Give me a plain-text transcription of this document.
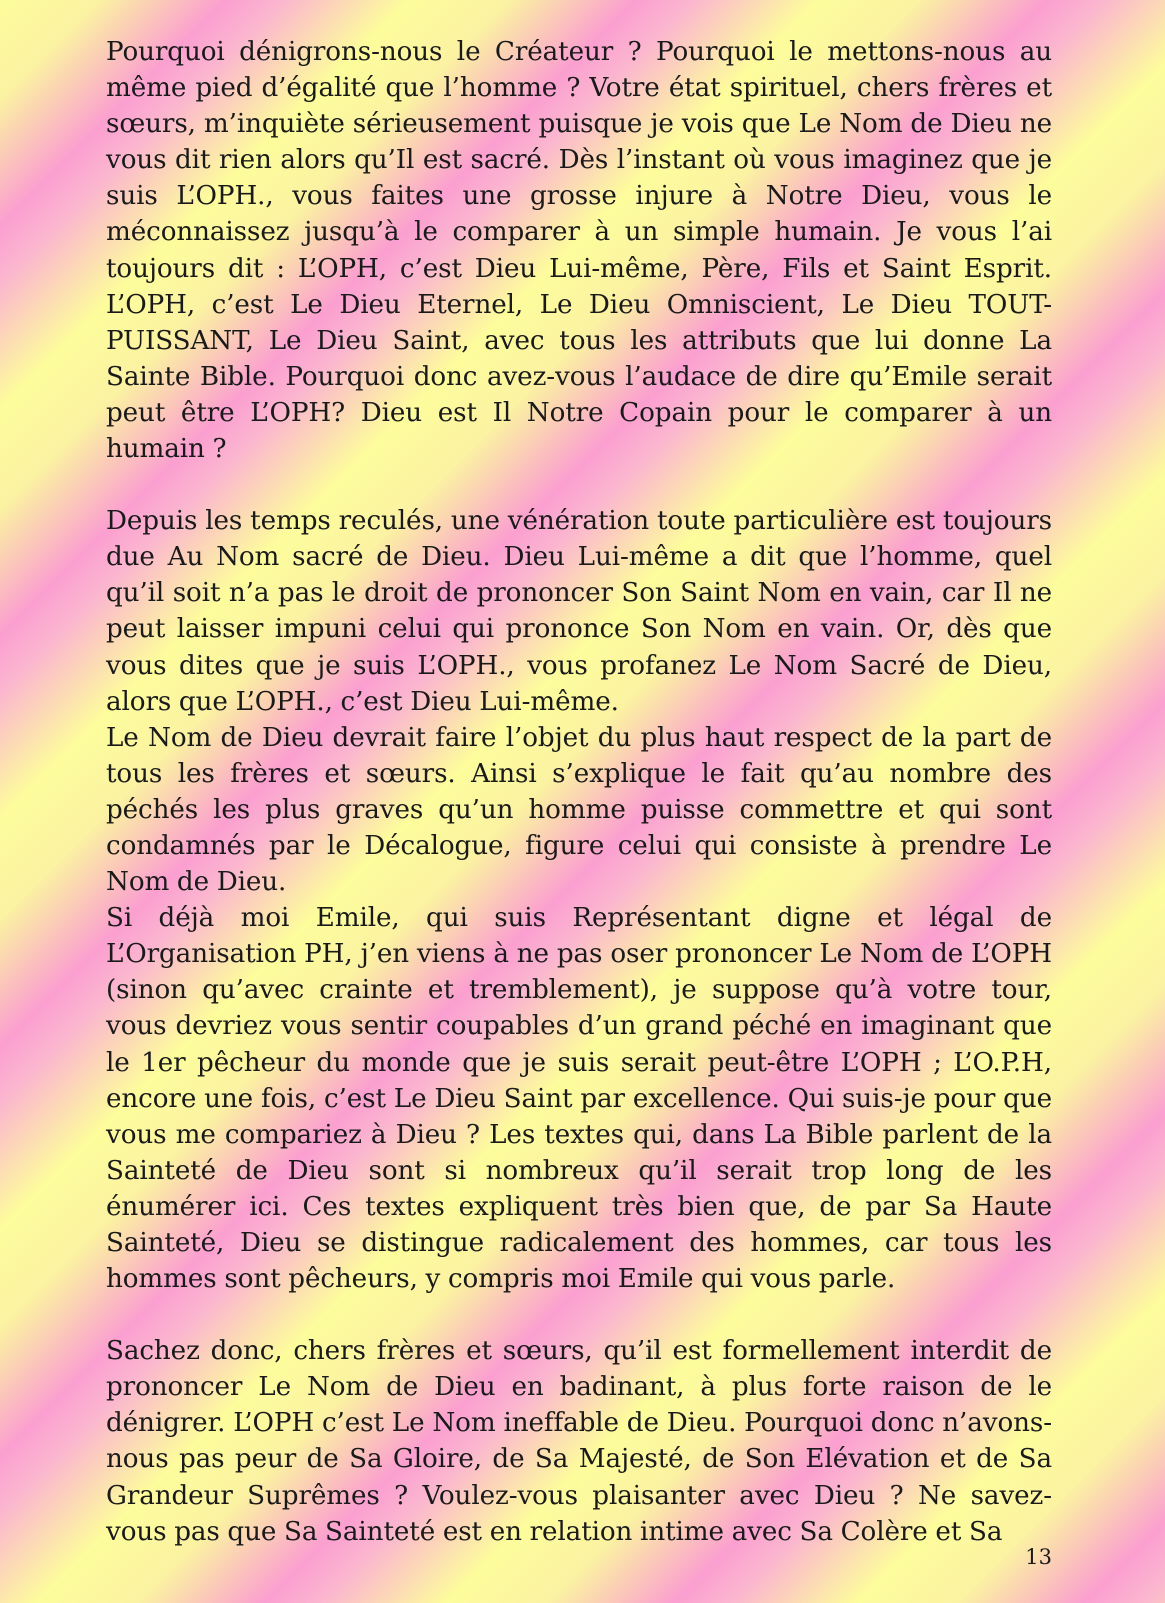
Pourquoi dénigrons-nous le Créateur ? Pourquoi le mettons-nous au même pied d’égalité que l’homme ? Votre état spirituel, chers frères et sœurs, m’inquiète sérieusement puisque je vois que Le Nom de Dieu ne vous dit rien alors qu’Il est sacré. Dès l’instant où vous imaginez que je suis L’OPH., vous faites une grosse injure à Notre Dieu, vous le méconnaissez jusqu’à le comparer à un simple humain. Je vous l’ai toujours dit : L’OPH, c’est Dieu Lui-même, Père, Fils et Saint Esprit. L’OPH, c’est Le Dieu Eternel, Le Dieu Omniscient, Le Dieu TOUT-PUISSANT, Le Dieu Saint, avec tous les attributs que lui donne La Sainte Bible. Pourquoi donc avez-vous l’audace de dire qu’Emile serait peut être L’OPH? Dieu est Il Notre Copain pour le comparer à un humain ?

Depuis les temps reculés, une vénération toute particulière est toujours due Au Nom sacré de Dieu. Dieu Lui-même a dit que l’homme, quel qu’il soit n’a pas le droit de prononcer Son Saint Nom en vain, car Il ne peut laisser impuni celui qui prononce Son Nom en vain. Or, dès que vous dites que je suis L’OPH., vous profanez Le Nom Sacré de Dieu, alors que L’OPH., c’est Dieu Lui-même.

Le Nom de Dieu devrait faire l’objet du plus haut respect de la part de tous les frères et sœurs. Ainsi s’explique le fait qu’au nombre des péchés les plus graves qu’un homme puisse commettre et qui sont condamnés par le Décalogue, figure celui qui consiste à prendre Le Nom de Dieu.

Si déjà moi Emile, qui suis Représentant digne et légal de L’Organisation PH, j’en viens à ne pas oser prononcer Le Nom de L’OPH (sinon qu’avec crainte et tremblement), je suppose qu’à votre tour, vous devriez vous sentir coupables d’un grand péché en imaginant que le 1er pêcheur du monde que je suis serait peut-être L’OPH ; L’O.P.H, encore une fois, c’est Le Dieu Saint par excellence. Qui suis-je pour que vous me compariez à Dieu ? Les textes qui, dans La Bible parlent de la Sainteté de Dieu sont si nombreux qu’il serait trop long de les énumérer ici. Ces textes expliquent très bien que, de par Sa Haute Sainteté, Dieu se distingue radicalement des hommes, car tous les hommes sont pêcheurs, y compris moi Emile qui vous parle.

Sachez donc, chers frères et sœurs, qu’il est formellement interdit de prononcer Le Nom de Dieu en badinant, à plus forte raison de le dénigrer. L’OPH c’est Le Nom ineffable de Dieu. Pourquoi donc n’avons-nous pas peur de Sa Gloire, de Sa Majesté, de Son Elévation et de Sa Grandeur Suprêmes ? Voulez-vous plaisanter avec Dieu ? Ne savez-vous pas que Sa Sainteté est en relation intime avec Sa Colère et Sa

13
